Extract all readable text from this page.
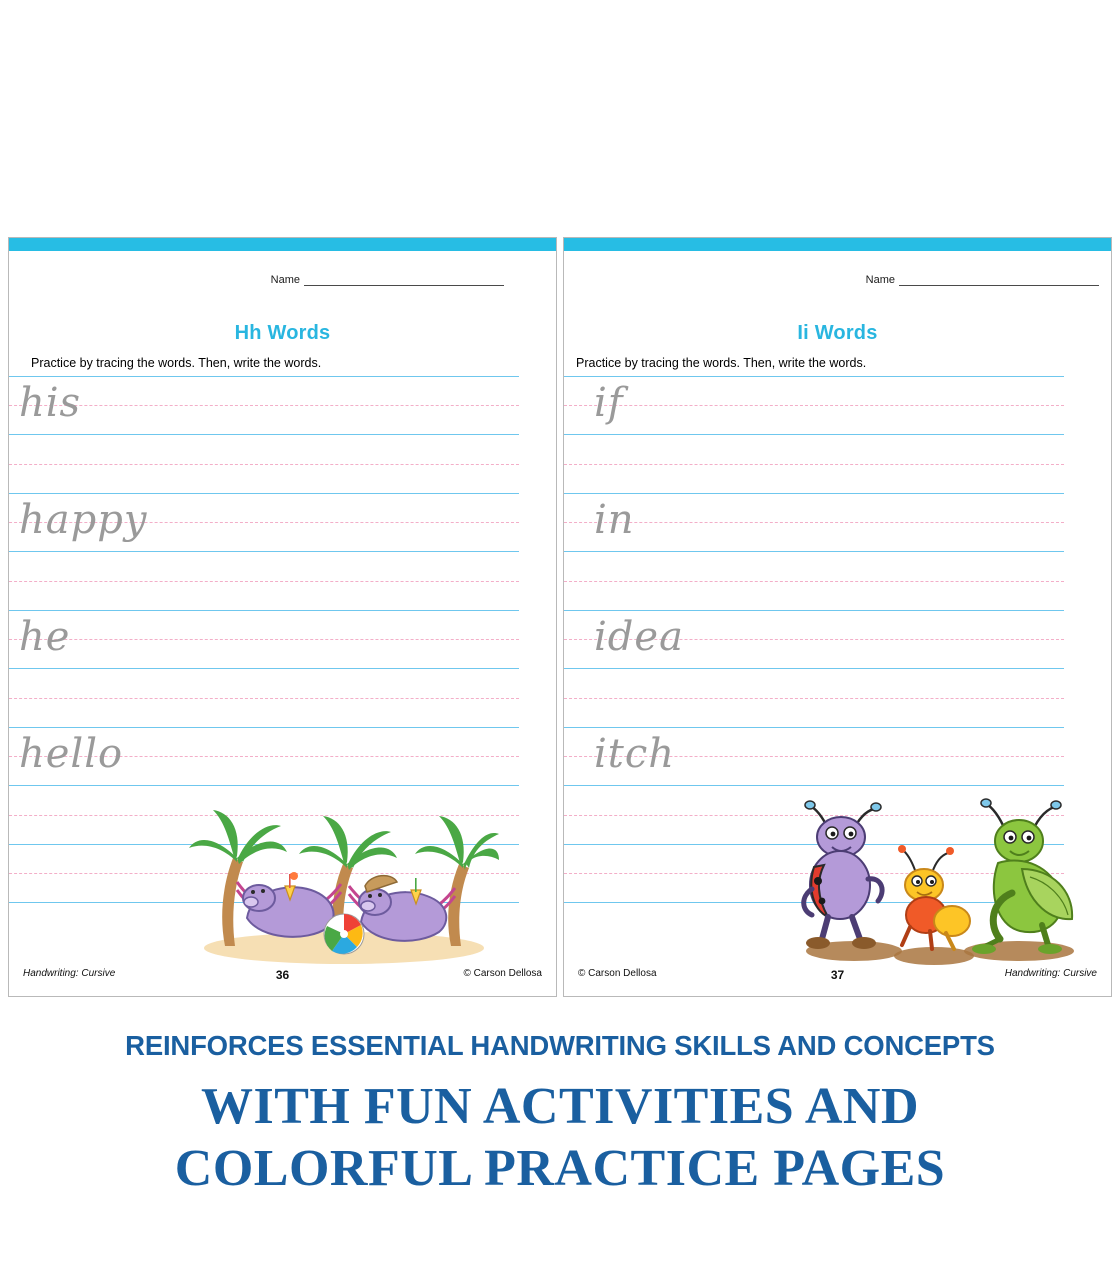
Name
Hh Words
Practice by tracing the words. Then, write the words.
his
happy
he
hello
Handwriting: Cursive	36	© Carson Dellosa
Name
Ii Words
Practice by tracing the words. Then, write the words.
if
in
idea
itch
© Carson Dellosa	37	Handwriting: Cursive
REINFORCES ESSENTIAL HANDWRITING SKILLS AND CONCEPTS
WITH FUN ACTIVITIES AND
COLORFUL PRACTICE PAGES
